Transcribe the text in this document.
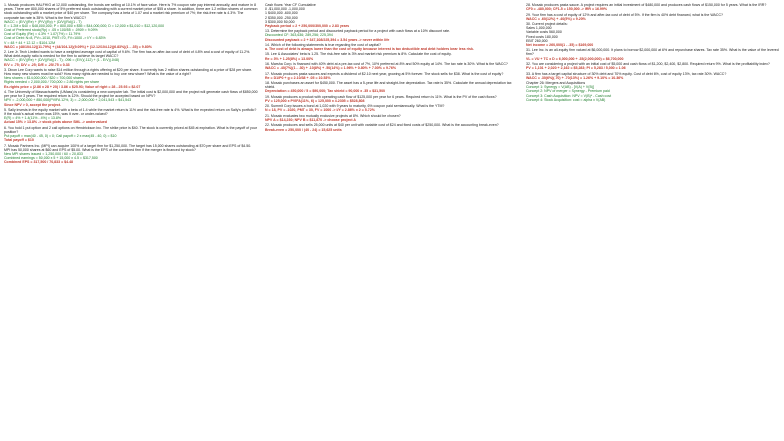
1. Mosaic produces HALFHIG at 12,000 outstanding, the bonds are selling at 10.1% of face value. Here is 7% coupon rate pay interest annually, and mature in 8 years. There are 800,000 shares of 5% preferred stock outstanding with a current market price of $55 a share. In addition, there are 1.2 million shares of common stock outstanding with a market price of $40 per share. The company has a beta of 1.07 and a market risk premium of 7%; the risk-free rate is 4.3%. The corporate tax rate is 35%. What is the firm's WACC?
WACC = (E/V)(Re) + (P/V)(Rp) + (D/V)(Rd)(1 - T)
E = 1.2M x $40 = $48,000,000; P = 800,000 x $55 = $44,000,000; D = 12,000 x $1,010 = $12,120,000
Cost of Preferred stock(Rp) = .05 x 100/55 = .0909 = 9.09%
Cost of Equity (Re) = 4.3% + 1.07(7%) = 11.79%
Cost of Debt: N=8, PV=-1010, PMT=70, FV=1000 -> I/Y = 6.83%
V = 48 + 44 + 12.12 = $104.12M
WACC = (48/104.12)(11.79%) + (44/104.12)(9.09%) + (12.12/104.12)(6.83%)(1 - .35) = 9.80%
2. Lee Jr. Tech Limited wants to have a weighted average cost of capital of 9.6%. The firm has an after-tax cost of debt of 4.8% and a cost of equity of 11.2%. What debt-equity ratio is needed for the firm to achieve its target WACC?
WACC = (E/V)(Re) + (D/V)(Rd)(1 - T); .096 = (E/V)(.112) + (1 - E/V)(.048)
E/V = .75; D/V = .25; D/E = .25/.75 = 0.33
3. Dixon Lee Corp wants to raise $14 million through a rights offering at $20 per share. It currently has 2 million shares outstanding at a price of $28 per share. How many new shares must be sold? How many rights are needed to buy one new share? What is the value of a right?
New shares = $14,000,000 / $20 = 700,000 shares
Rights needed = 2,000,000 / 700,000 = 2.86 rights per share
Ex-rights price = (2.86 x 28 + 20) / 3.86 = $25.93; Value of right = 28 - 25.93 = $2.07
4. The University of Massachusetts (UMass) is considering a new computer lab. The initial cost is $2,000,000 and the project will generate cash flows of $850,000 per year for 3 years. The required return is 12%. Should the project be accepted based on NPV?
NPV = -2,000,000 + 850,000(PVIFA 12%, 3) = -2,000,000 + 2,041,543 = $41,543
Since NPV > 0, accept the project.
5. Sally invests in the equity market with a beta of 1.4 while the market return is 11% and the risk-free rate is 4%. What is the expected return on Sally's portfolio? If the stock's actual return was 15%, was it over- or under-valued?
E(R) = 4% + 1.4(11% - 4%) = 13.8%
Actual 15% > 13.8% -> stock plots above SML -> undervalued
6. You hold 1 put option and 2 call options on Hendrickson Inc. The strike price is $40. The stock is currently priced at $45 at expiration. What is the payoff of your position?
Put payoff = max(40 - 45, 0) = 0; Call payoff = 2 x max(45 - 40, 0) = $10
Total payoff = $10
7. Mosaic Partners Inc. (MPI) can acquire 100% of a target firm for $1,250,000. The target has 15,000 shares outstanding at $70 per share and EPS of $4.50. MPI has 50,000 shares at $60 and EPS of $5.00. What is the EPS of the combined firm if the merger is financed by stock?
New MPI shares issued = 1,250,000 / 60 = 20,833
Combined earnings = 50,000 x 5 + 15,000 x 4.5 = $317,500
Combined EPS = 317,500 / 70,833 = $4.48
Cash flows: Year CF Cumulative
0 -$1,000,000 -1,000,000
1 $400,000 -600,000
2 $350,000 -250,000
3 $300,000 50,000
Payback period = 2 + 250,000/300,000 = 2.83 years
13. Determine the payback period and discounted payback period for a project with cash flows at a 10% discount rate.
Discounted CF: 363,636; 289,256; 225,394
Discounted payback = 2 + 347,108/225,394 = 3.54 years -> never within life
14. Which of the following statements is true regarding the cost of capital?
a. The cost of debt is always lower than the cost of equity because interest is tax deductible and debt holders bear less risk.
15. Lee & Associates' beta is 1.25. The risk-free rate is 3% and market risk premium is 8%. Calculate the cost of equity.
Re = 3% + 1.25(8%) = 13.00%
16. Marsha Corp. is financed with 40% debt at a pre-tax cost of 7%, 10% preferred at 8% and 50% equity at 14%. The tax rate is 30%. What is the WACC?
WACC = .40(7%)(1 - .30) + .10(8%) + .50(14%) = 1.96% + 0.80% + 7.00% = 9.76%
17. Mosaic produces pasta sauces and expects a dividend of $2.10 next year, growing at 5% forever. The stock sells for $38. What is the cost of equity?
Re = D1/P0 + g = 2.10/38 + .05 = 10.53%
18. Mosaic purchases an asset for $450,000. The asset has a 5-year life and straight-line depreciation. Tax rate is 35%. Calculate the annual depreciation tax shield.
Depreciation = 450,000 / 5 = $90,000; Tax shield = 90,000 x .35 = $31,500
19. Mosaic produces a product with operating cash flow of $125,000 per year for 6 years. Required return is 11%. What is the PV of the cash flows?
PV = 125,000 x PVIFA(11%, 6) = 125,000 x 4.2305 = $528,808
20. Summit Corp issues a bond at 1,020 with 9 years to maturity, 6% coupon paid semiannually. What is the YTM?
N = 18, PV = -1020, PMT = 30, FV = 1000 -> I/Y = 2.86% x 2 = 5.72%
21. Mosaic evaluates two mutually exclusive projects at 8%. Which should be chosen?
NPV A = $14,230; NPV B = $11,870 -> choose project A
22. Mosaic produces and sells 25,000 units at $40 per unit with variable cost of $24 and fixed costs of $250,000. What is the accounting break-even?
Break-even = 250,000 / (40 - 24) = 15,625 units
28. Mosaic produces pasta sauce. A project requires an initial investment of $480,000 and produces cash flows of $150,000 for 5 years. What is the IRR?
CF0 = -480,000; CF1-5 = 150,000 -> IRR = 16.99%
29. Your firm has a cost of equity of 12% and after-tax cost of debt of 5%. If the firm is 40% debt financed, what is the WACC?
WACC = .60(12%) + .40(5%) = 9.20%
30. Current project details:
Sales 1,000,000
Variable costs 560,000
Fixed costs 180,000
EBIT 260,000
Net income = 260,000(1 - .35) = $169,000
31. Lee Inc. is an all-equity firm valued at $6,000,000. It plans to borrow $2,000,000 at 6% and repurchase shares. Tax rate 35%. What is the value of the levered firm?
VL = VU + TC x D = 6,000,000 + .35(2,000,000) = $6,700,000
32. You are considering a project with an initial cost of $5,000 and cash flows of $1,200, $2,400, $2,800. Required return 9%. What is the profitability index?
PV = 1,101 + 2,020 + 2,162 = $5,283; PI = 5,283 / 5,000 = 1.06
33. A firm has a target capital structure of 30% debt and 70% equity. Cost of debt 6%, cost of equity 13%, tax rate 30%. WACC?
WACC = .30(6%)(.70) + .70(13%) = 1.26% + 9.10% = 10.36%
Chapter 26: Mergers and Acquisitions
Concept 1: Synergy = V(AB) - [V(A) + V(B)]
Concept 2: NPV of merger = Synergy - Premium paid
Concept 3: Cash Acquisition: NPV = V(B)* - Cash cost
Concept 4: Stock Acquisition: cost = alpha x V(AB)
